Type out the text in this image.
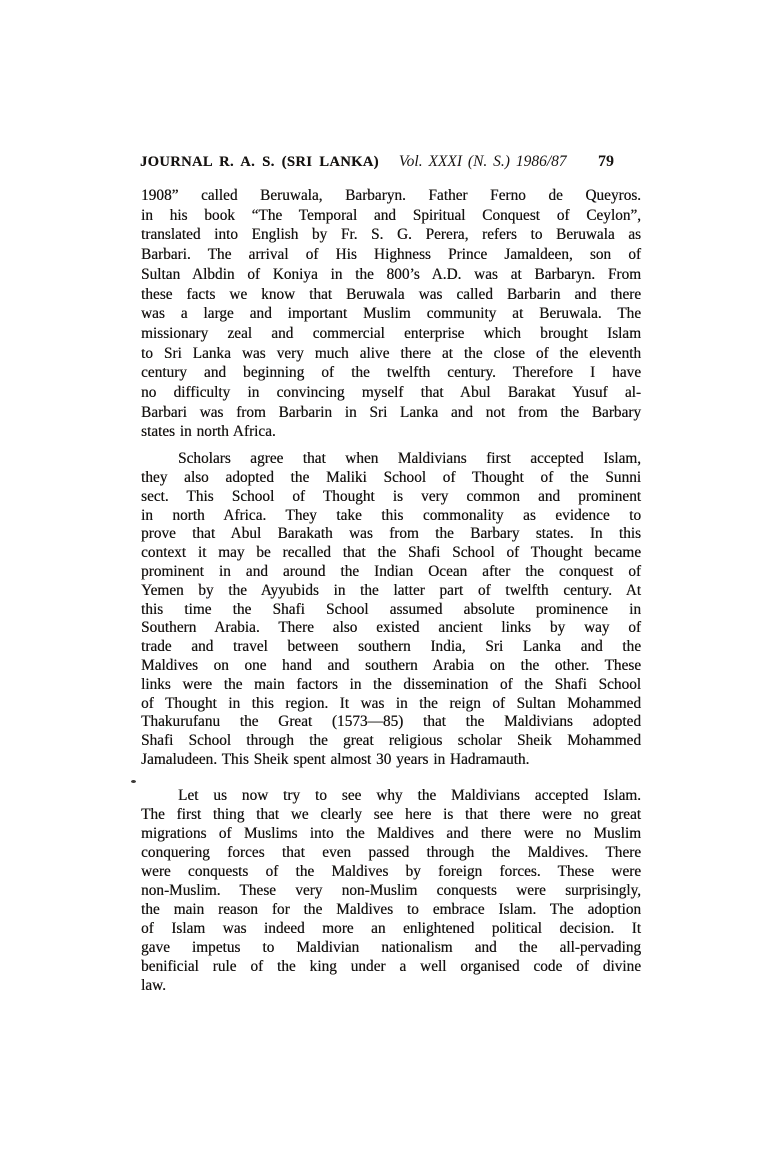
JOURNAL R. A. S. (SRI LANKA) Vol. XXXI (N. S.) 1986/87 79
1908” called Beruwala, Barbaryn. Father Ferno de Queyros.
in his book “The Temporal and Spiritual Conquest of Ceylon”,
translated into English by Fr. S. G. Perera, refers to Beruwala as
Barbari. The arrival of His Highness Prince Jamaldeen, son of
Sultan Albdin of Koniya in the 800’s A.D. was at Barbaryn. From
these facts we know that Beruwala was called Barbarin and there
was a large and important Muslim community at Beruwala. The
missionary zeal and commercial enterprise which brought Islam
to Sri Lanka was very much alive there at the close of the eleventh
century and beginning of the twelfth century. Therefore I have
no difficulty in convincing myself that Abul Barakat Yusuf al-
Barbari was from Barbarin in Sri Lanka and not from the Barbary
states in north Africa.
Scholars agree that when Maldivians first accepted Islam,
they also adopted the Maliki School of Thought of the Sunni
sect. This School of Thought is very common and prominent
in north Africa. They take this commonality as evidence to
prove that Abul Barakath was from the Barbary states. In this
context it may be recalled that the Shafi School of Thought became
prominent in and around the Indian Ocean after the conquest of
Yemen by the Ayyubids in the latter part of twelfth century. At
this time the Shafi School assumed absolute prominence in
Southern Arabia. There also existed ancient links by way of
trade and travel between southern India, Sri Lanka and the
Maldives on one hand and southern Arabia on the other. These
links were the main factors in the dissemination of the Shafi School
of Thought in this region. It was in the reign of Sultan Mohammed
Thakurufanu the Great (1573—85) that the Maldivians adopted
Shafi School through the great religious scholar Sheik Mohammed
Jamaludeen. This Sheik spent almost 30 years in Hadramauth.
Let us now try to see why the Maldivians accepted Islam.
The first thing that we clearly see here is that there were no great
migrations of Muslims into the Maldives and there were no Muslim
conquering forces that even passed through the Maldives. There
were conquests of the Maldives by foreign forces. These were
non-Muslim. These very non-Muslim conquests were surprisingly,
the main reason for the Maldives to embrace Islam. The adoption
of Islam was indeed more an enlightened political decision. It
gave impetus to Maldivian nationalism and the all-pervading
benificial rule of the king under a well organised code of divine
law.
